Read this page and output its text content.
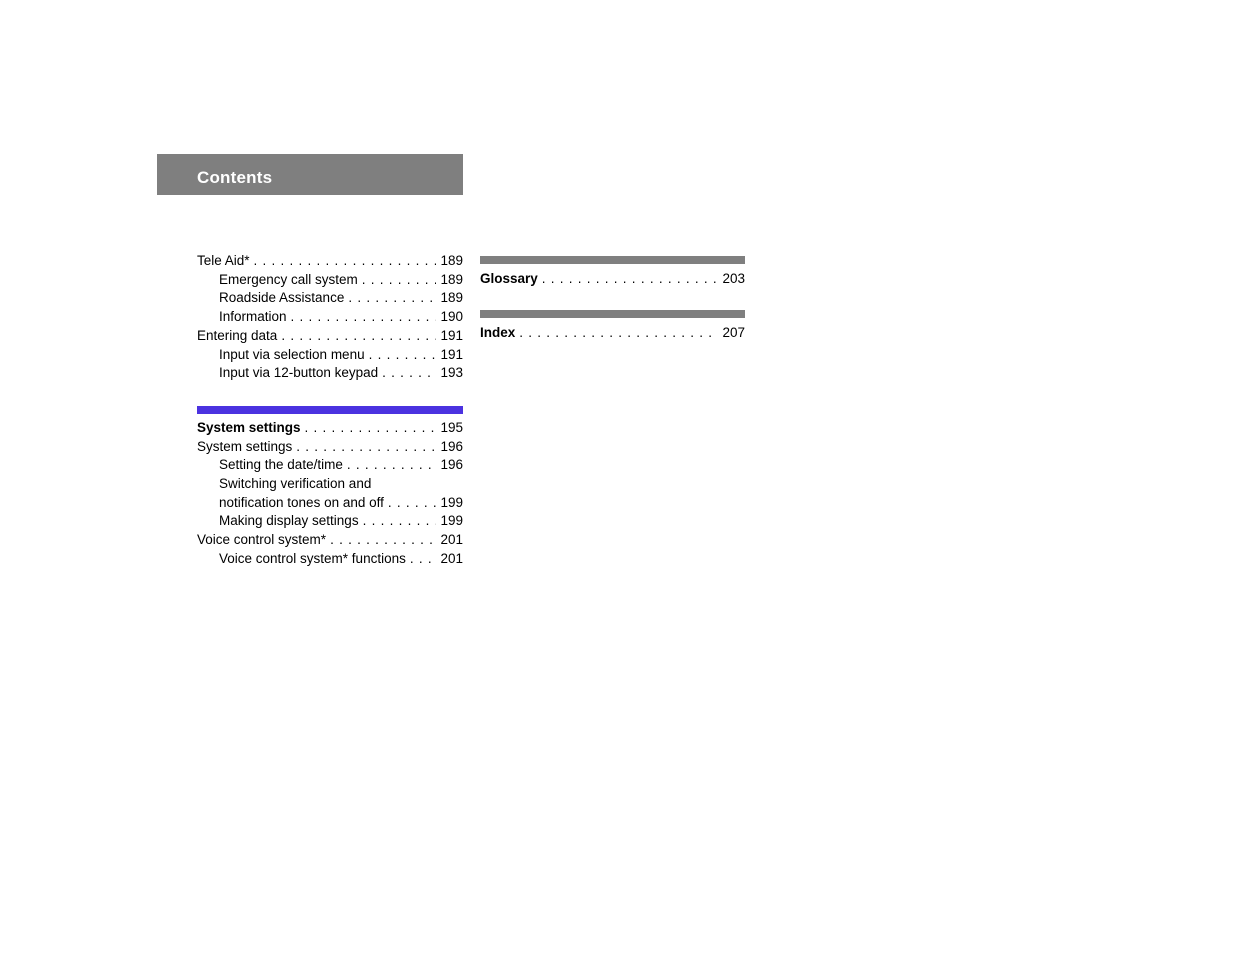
Contents
Tele Aid* . . .	189
Emergency call system . . .	189
Roadside Assistance . . .	189
Information . . .	190
Entering data . . .	191
Input via selection menu . . .	191
Input via 12-button keypad . . .	193
System settings . . .	195
System settings . . .	196
Setting the date/time . . .	196
Switching verification and
notification tones on and off . . .	199
Making display settings . . .	199
Voice control system* . . .	201
Voice control system* functions . . .	201
Glossary . . .	203
Index . . .	207
